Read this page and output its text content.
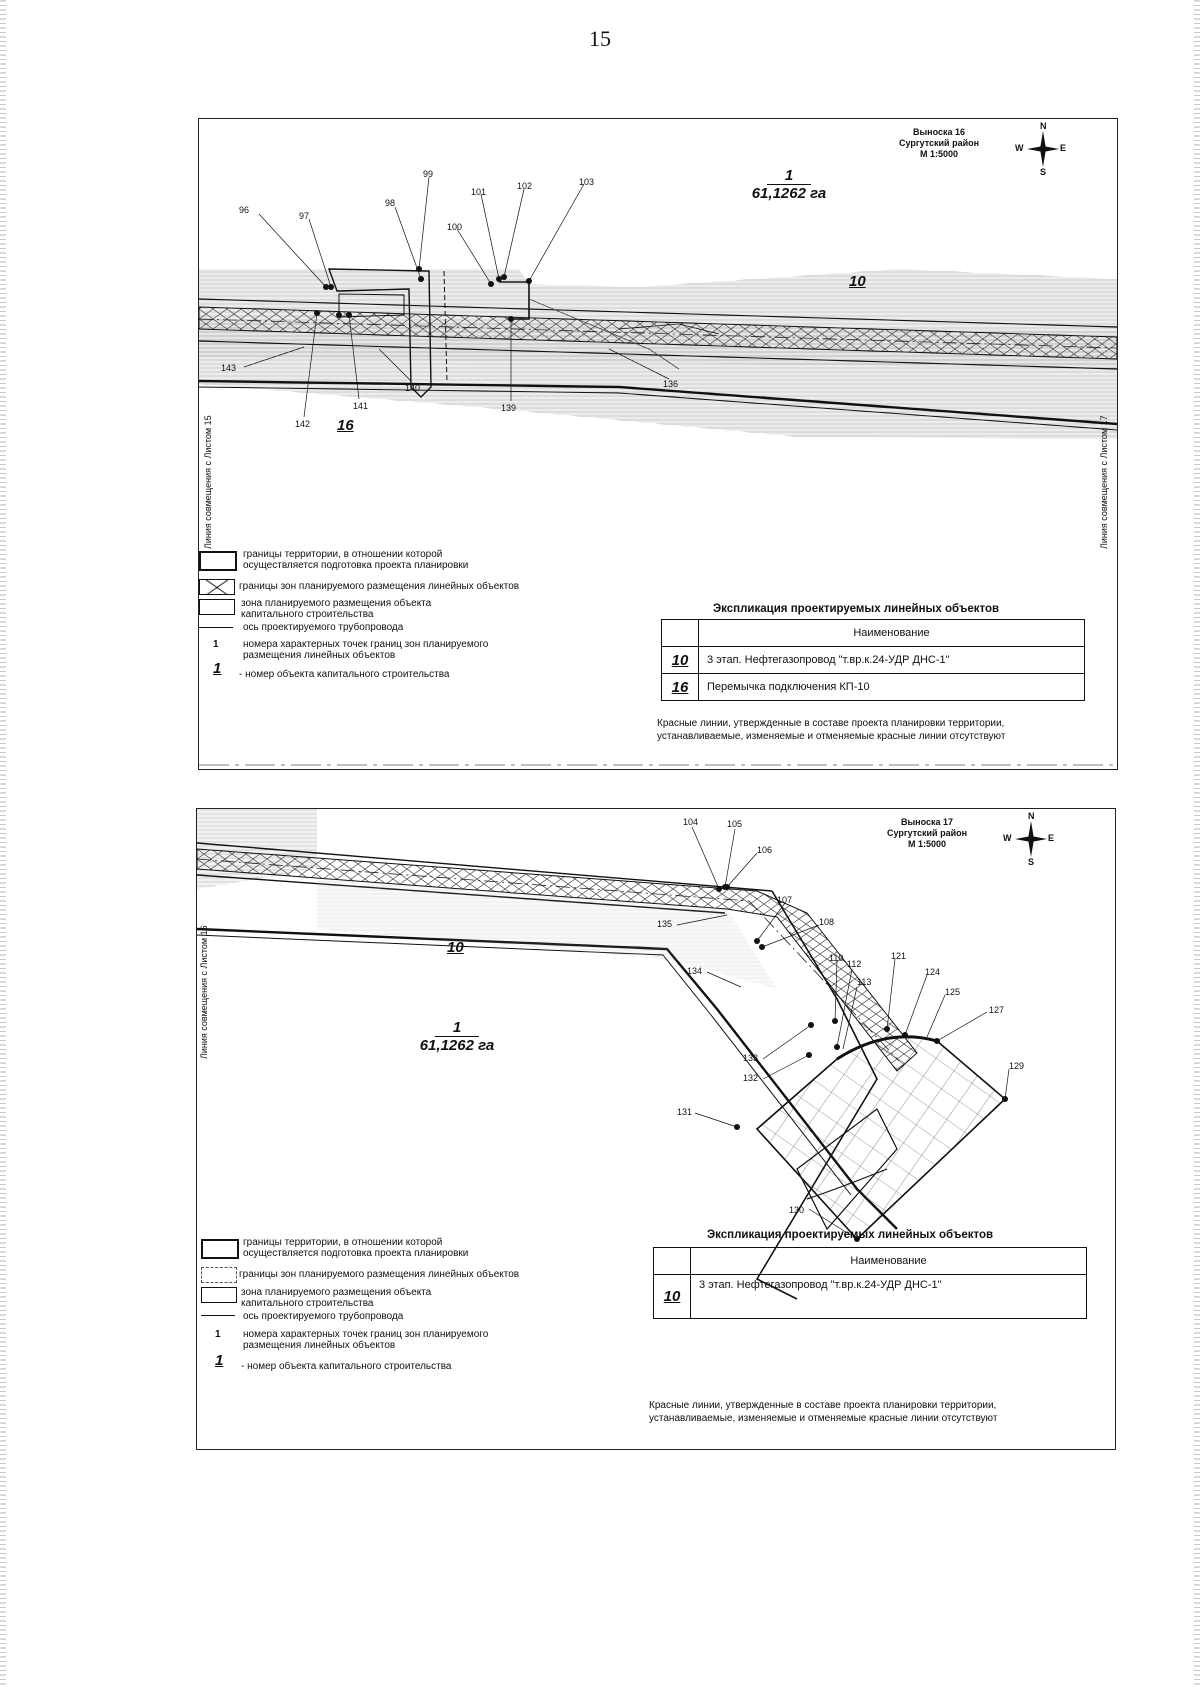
15
Выноска 16
Сургутский район
М 1:5000
N
S
W	E
1
61,1262 га
10
16
96
97
98
99
100
101
102	103
136
139
140
141
142
143
Линия совмещения с Листом 15	Линия совмещения с Листом 17
границы территории, в отношении которой осуществляется подготовка проекта планировки
границы зон планируемого размещения линейных объектов
зона планируемого размещения объекта капитального строительства
ось проектируемого трубопровода
1 номера характерных точек границ зон планируемого размещения линейных объектов
1 - номер объекта капитального строительства
Экспликация проектируемых линейных объектов
	Наименование
10	3 этап. Нефтегазопровод "т.вр.к.24-УДР ДНС-1"
16	Перемычка подключения КП-10
Красные линии, утвержденные в составе проекта планировки территории,
устанавливаемые, изменяемые и отменяемые красные линии отсутствуют
Выноска 17
Сургутский район
М 1:5000
N
S
W	E
1
61,1262 га
10
104	105
106
107
108
110
112
113
121
124
125
127
129
130
131
132
133
134
135
Линия совмещения с Листом 16
границы территории, в отношении которой осуществляется подготовка проекта планировки
границы зон планируемого размещения линейных объектов
зона планируемого размещения объекта капитального строительства
ось проектируемого трубопровода
1 номера характерных точек границ зон планируемого размещения линейных объектов
1 - номер объекта капитального строительства
Экспликация проектируемых линейных объектов
	Наименование
10	3 этап. Нефтегазопровод "т.вр.к.24-УДР ДНС-1"
Красные линии, утвержденные в составе проекта планировки территории,
устанавливаемые, изменяемые и отменяемые красные линии отсутствуют
